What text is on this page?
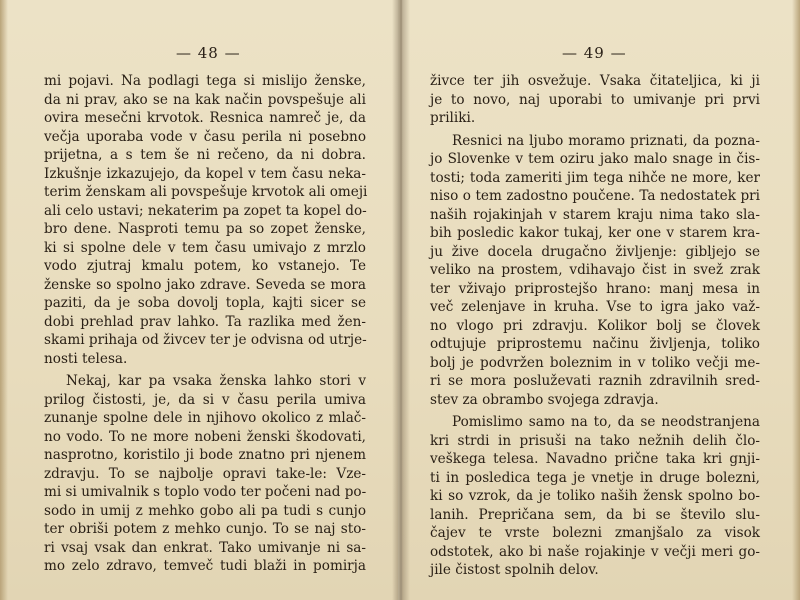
— 48 —
mi pojavi. Na podlagi tega si mislijo ženske,
da ni prav, ako se na kak način povspešuje ali
ovira mesečni krvotok. Resnica namreč je, da
večja uporaba vode v času perila ni posebno
prijetna, a s tem še ni rečeno, da ni dobra.
Izkušnje izkazujejo, da kopel v tem času neka-
terim ženskam ali povspešuje krvotok ali omeji
ali celo ustavi; nekaterim pa zopet ta kopel do-
bro dene. Nasproti temu pa so zopet ženske,
ki si spolne dele v tem času umivajo z mrzlo
vodo zjutraj kmalu potem, ko vstanejo. Te
ženske so spolno jako zdrave. Seveda se mora
paziti, da je soba dovolj topla, kajti sicer se
dobi prehlad prav lahko. Ta razlika med žen-
skami prihaja od živcev ter je odvisna od utrje-
nosti telesa.
Nekaj, kar pa vsaka ženska lahko stori v
prilog čistosti, je, da si v času perila umiva
zunanje spolne dele in njihovo okolico z mlač-
no vodo. To ne more nobeni ženski škodovati,
nasprotno, koristilo ji bode znatno pri njenem
zdravju. To se najbolje opravi take-le: Vze-
mi si umivalnik s toplo vodo ter počeni nad po-
sodo in umij z mehko gobo ali pa tudi s cunjo
ter obriši potem z mehko cunjo. To se naj sto-
ri vsaj vsak dan enkrat. Tako umivanje ni sa-
mo zelo zdravo, temveč tudi blaži in pomirja
— 49 —
živce ter jih osvežuje. Vsaka čitateljica, ki ji
je to novo, naj uporabi to umivanje pri prvi
priliki.
Resnici na ljubo moramo priznati, da pozna-
jo Slovenke v tem oziru jako malo snage in čis-
tosti; toda zameriti jim tega nihče ne more, ker
niso o tem zadostno poučene. Ta nedostatek pri
naših rojakinjah v starem kraju nima tako sla-
bih posledic kakor tukaj, ker one v starem kra-
ju žive docela drugačno življenje: gibljejo se
veliko na prostem, vdihavajo čist in svež zrak
ter vživajo priprostejšo hrano: manj mesa in
več zelenjave in kruha. Vse to igra jako važ-
no vlogo pri zdravju. Kolikor bolj se človek
odtujuje priprostemu načinu življenja, toliko
bolj je podvržen boleznim in v toliko večji me-
ri se mora posluževati raznih zdravilnih sred-
stev za obrambo svojega zdravja.
Pomislimo samo na to, da se neodstranjena
kri strdi in prisuši na tako nežnih delih člo-
veškega telesa. Navadno prične taka kri gnji-
ti in posledica tega je vnetje in druge bolezni,
ki so vzrok, da je toliko naših žensk spolno bo-
lanih. Prepričana sem, da bi se število slu-
čajev te vrste bolezni zmanjšalo za visok
odstotek, ako bi naše rojakinje v večji meri go-
jile čistost spolnih delov.
